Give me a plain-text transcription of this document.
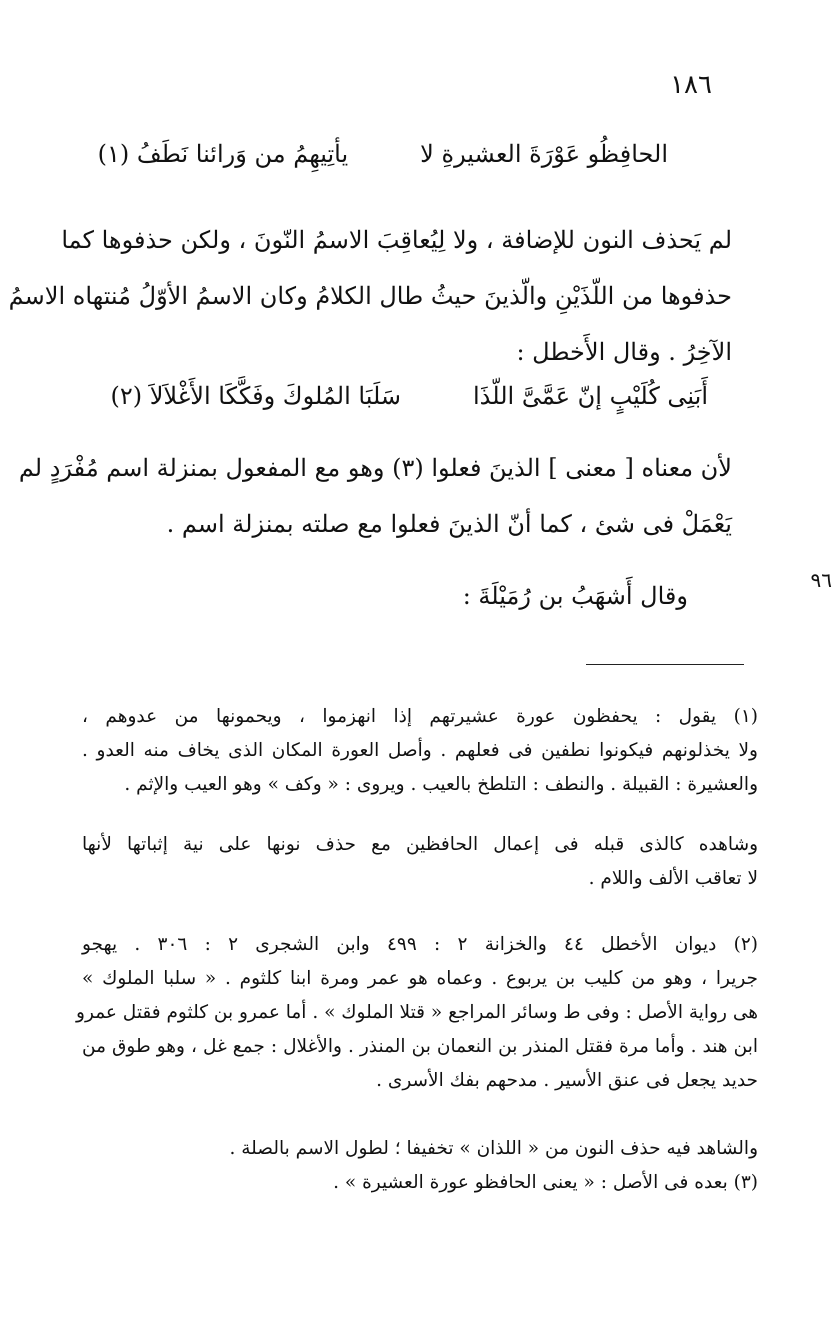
١٨٦
٩٦
الحافِظُو عَوْرَةَ العشيرةِ لا
يأتِيهِمُ من وَرائنا نَطَفُ (١)

لم يَحذف النون للإضافة ، ولا لِيُعاقِبَ الاسمُ النّونَ ، ولكن حذفوها كما
حذفوها من اللّذَيْنِ والّذينَ حيثُ طال الكلامُ وكان الاسمُ الأوّلُ مُنتهاه الاسمُ
الآخِرُ . وقال الأَخطل :

أَبَنِى كُلَيْبٍ إنّ عَمَّىَّ اللّذَا
سَلَبَا المُلوكَ وفَكَّكَا الأَغْلاَلاَ (٢)

لأن معناه [ معنى ] الذينَ فعلوا (٣) وهو مع المفعول بمنزلة اسم مُفْرَدٍ لم
يَعْمَلْ فى شئ ، كما أنّ الذينَ فعلوا مع صلته بمنزلة اسم .

وقال أَشهَبُ بن رُمَيْلَةَ :

(١) يقول : يحفظون عورة عشيرتهم إذا انهزموا ، ويحمونها من عدوهم ،
ولا يخذلونهم فيكونوا نطفين فى فعلهم . وأصل العورة المكان الذى يخاف منه العدو .
والعشيرة : القبيلة . والنطف : التلطخ بالعيب . ويروى : « وكف » وهو العيب والإثم .

وشاهده كالذى قبله فى إعمال الحافظين مع حذف نونها على نية إثباتها لأنها
لا تعاقب الألف واللام .

(٢) ديوان الأخطل ٤٤ والخزانة ٢ : ٤٩٩ وابن الشجرى ٢ : ٣٠٦ . يهجو
جريرا ، وهو من كليب بن يربوع . وعماه هو عمر ومرة ابنا كلثوم . « سلبا الملوك »
هى رواية الأصل : وفى ط وسائر المراجع « قتلا الملوك » . أما عمرو بن كلثوم فقتل عمرو
ابن هند . وأما مرة فقتل المنذر بن النعمان بن المنذر . والأغلال : جمع غل ، وهو طوق من
حديد يجعل فى عنق الأسير . مدحهم بفك الأسرى .

والشاهد فيه حذف النون من « اللذان » تخفيفا ؛ لطول الاسم بالصلة .
(٣) بعده فى الأصل : « يعنى الحافظو عورة العشيرة » .
